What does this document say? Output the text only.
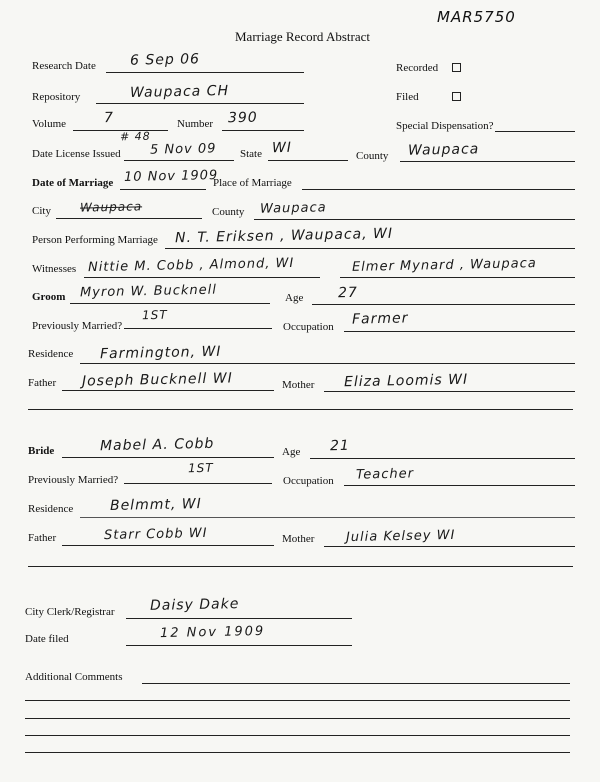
MAR5750
Marriage Record Abstract
Research Date 6 Sep 06	Recorded
Repository	Waupaca CH	Filed
Volume	7	Number 390	Special Dispensation?
Date License Issued
# 48
5 Nov 09 State WI	County Waupaca
Date of Marriage 10 Nov 1909
Place of Marriage
City Waupaca	County Waupaca
Person Performing Marriage N. T. Eriksen , Waupaca, WI
Witnesses Nittie M. Cobb , Almond, WI	Elmer Mynard , Waupaca
Groom Myron W. Bucknell	Age 27
Previously Married?
1ST
Occupation Farmer
Residence Farmington, WI
Father Joseph Bucknell WI	Mother Eliza Loomis WI
Bride	Mabel A. Cobb	Age 21
Previously Married?
1ST
Occupation Teacher
Residence	Belmmt, WI
Father	Starr Cobb WI	Mother Julia Kelsey WI
City Clerk/Registrar	Daisy Dake
Date filed	12 Nov 1909
Additional Comments
